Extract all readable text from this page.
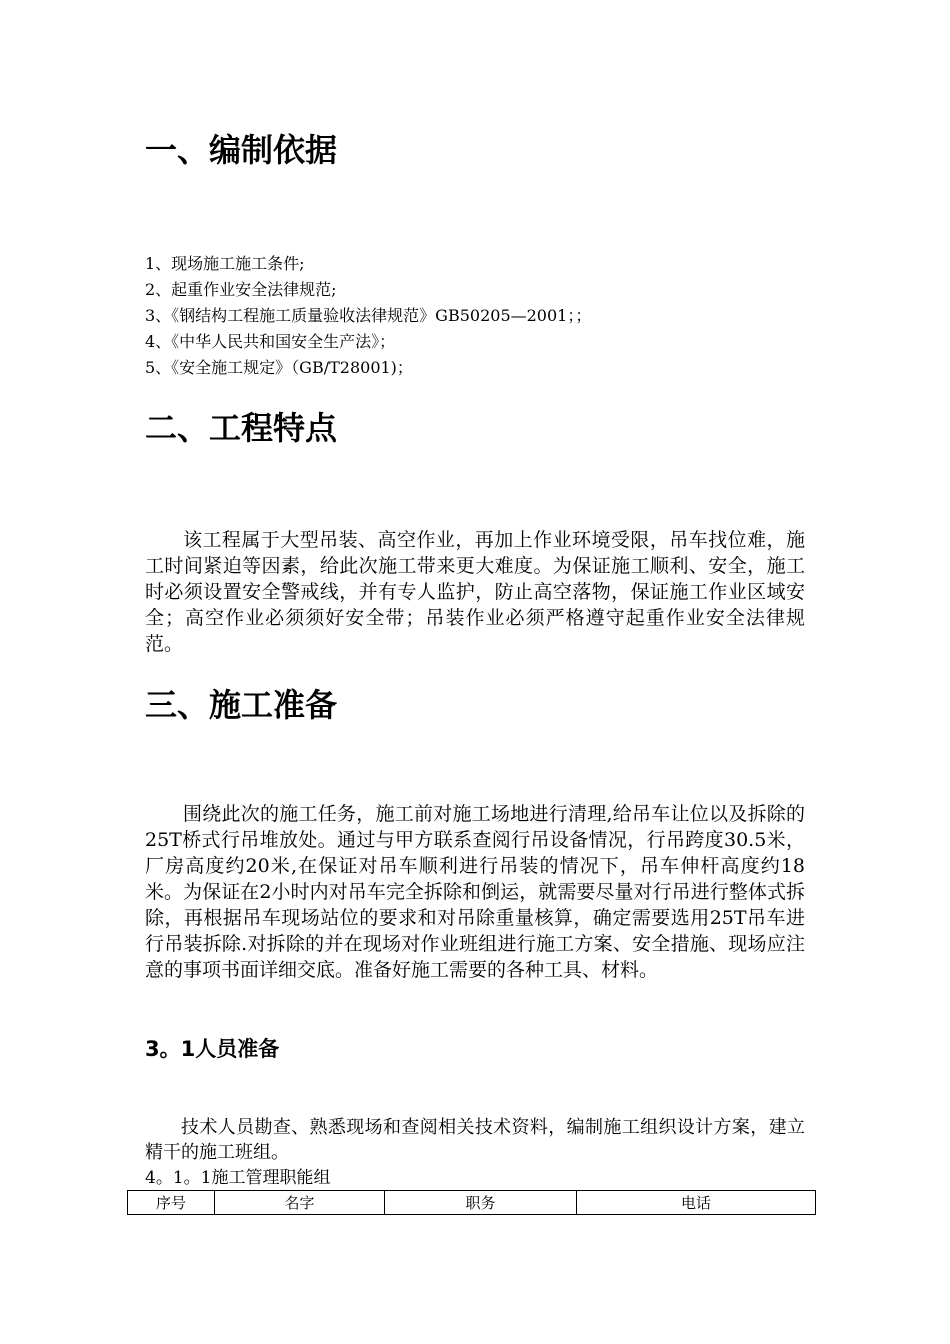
一、编制依据
1、现场施工施工条件;
2、起重作业安全法律规范;
3、《钢结构工程施工质量验收法律规范》GB50205—2001；；
4、《中华人民共和国安全生产法》；
5、《安全施工规定》（GB/T28001)；
二、工程特点

该工程属于大型吊装、高空作业，再加上作业环境受限，吊车找位难，施工时间紧迫等因素，给此次施工带来更大难度。为保证施工顺利、安全，施工时必须设置安全警戒线，并有专人监护，防止高空落物，保证施工作业区域安全；高空作业必须须好安全带；吊装作业必须严格遵守起重作业安全法律规范。

三、施工准备

围绕此次的施工任务，施工前对施工场地进行清理,给吊车让位以及拆除的25T桥式行吊堆放处。通过与甲方联系查阅行吊设备情况，行吊跨度30.5米，厂房高度约20米,在保证对吊车顺利进行吊装的情况下，吊车伸杆高度约18米。为保证在2小时内对吊车完全拆除和倒运，就需要尽量对行吊进行整体式拆除，再根据吊车现场站位的要求和对吊除重量核算，确定需要选用25T吊车进行吊装拆除.对拆除的并在现场对作业班组进行施工方案、安全措施、现场应注意的事项书面详细交底。准备好施工需要的各种工具、材料。

3。1人员准备

技术人员勘查、熟悉现场和查阅相关技术资料，编制施工组织设计方案，建立精干的施工班组。

4。1。1施工管理职能组

序号	名字	职务	电话
